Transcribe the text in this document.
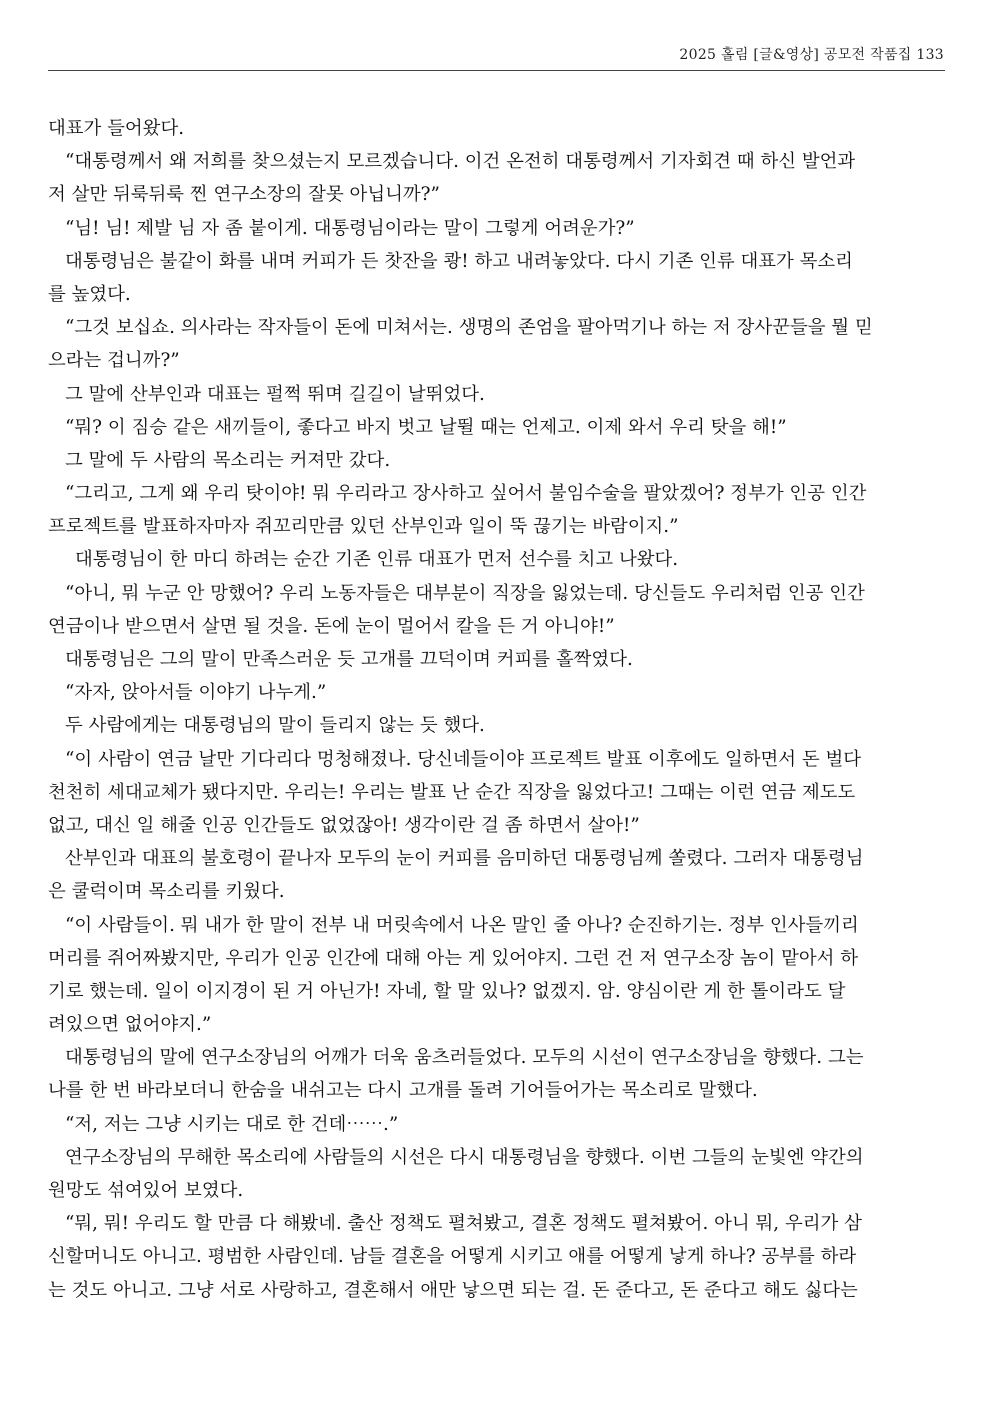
2025 홀림 [글&영상] 공모전 작품집 133
대표가 들어왔다.
“대통령께서 왜 저희를 찾으셨는지 모르겠습니다. 이건 온전히 대통령께서 기자회견 때 하신 발언과
저 살만 뒤룩뒤룩 찐 연구소장의 잘못 아닙니까?”
“님! 님! 제발 님 자 좀 붙이게. 대통령님이라는 말이 그렇게 어려운가?”
대통령님은 불같이 화를 내며 커피가 든 찻잔을 쾅! 하고 내려놓았다. 다시 기존 인류 대표가 목소리
를 높였다.
“그것 보십쇼. 의사라는 작자들이 돈에 미쳐서는. 생명의 존엄을 팔아먹기나 하는 저 장사꾼들을 뭘 믿
으라는 겁니까?”
그 말에 산부인과 대표는 펄쩍 뛰며 길길이 날뛰었다.
“뭐? 이 짐승 같은 새끼들이, 좋다고 바지 벗고 날뛸 때는 언제고. 이제 와서 우리 탓을 해!”
그 말에 두 사람의 목소리는 커져만 갔다.
“그리고, 그게 왜 우리 탓이야! 뭐 우리라고 장사하고 싶어서 불임수술을 팔았겠어? 정부가 인공 인간
프로젝트를 발표하자마자 쥐꼬리만큼 있던 산부인과 일이 뚝 끊기는 바람이지.”
대통령님이 한 마디 하려는 순간 기존 인류 대표가 먼저 선수를 치고 나왔다.
“아니, 뭐 누군 안 망했어? 우리 노동자들은 대부분이 직장을 잃었는데. 당신들도 우리처럼 인공 인간
연금이나 받으면서 살면 될 것을. 돈에 눈이 멀어서 칼을 든 거 아니야!”
대통령님은 그의 말이 만족스러운 듯 고개를 끄덕이며 커피를 홀짝였다.
“자자, 앉아서들 이야기 나누게.”
두 사람에게는 대통령님의 말이 들리지 않는 듯 했다.
“이 사람이 연금 날만 기다리다 멍청해졌나. 당신네들이야 프로젝트 발표 이후에도 일하면서 돈 벌다
천천히 세대교체가 됐다지만. 우리는! 우리는 발표 난 순간 직장을 잃었다고! 그때는 이런 연금 제도도
없고, 대신 일 해줄 인공 인간들도 없었잖아! 생각이란 걸 좀 하면서 살아!”
산부인과 대표의 불호령이 끝나자 모두의 눈이 커피를 음미하던 대통령님께 쏠렸다. 그러자 대통령님
은 쿨럭이며 목소리를 키웠다.
“이 사람들이. 뭐 내가 한 말이 전부 내 머릿속에서 나온 말인 줄 아나? 순진하기는. 정부 인사들끼리
머리를 쥐어짜봤지만, 우리가 인공 인간에 대해 아는 게 있어야지. 그런 건 저 연구소장 놈이 맡아서 하
기로 했는데. 일이 이지경이 된 거 아닌가! 자네, 할 말 있나? 없겠지. 암. 양심이란 게 한 톨이라도 달
려있으면 없어야지.”
대통령님의 말에 연구소장님의 어깨가 더욱 움츠러들었다. 모두의 시선이 연구소장님을 향했다. 그는
나를 한 번 바라보더니 한숨을 내쉬고는 다시 고개를 돌려 기어들어가는 목소리로 말했다.
“저, 저는 그냥 시키는 대로 한 건데⋯⋯.”
연구소장님의 무해한 목소리에 사람들의 시선은 다시 대통령님을 향했다. 이번 그들의 눈빛엔 약간의
원망도 섞여있어 보였다.
“뭐, 뭐! 우리도 할 만큼 다 해봤네. 출산 정책도 펼쳐봤고, 결혼 정책도 펼쳐봤어. 아니 뭐, 우리가 삼
신할머니도 아니고. 평범한 사람인데. 남들 결혼을 어떻게 시키고 애를 어떻게 낳게 하나? 공부를 하라
는 것도 아니고. 그냥 서로 사랑하고, 결혼해서 애만 낳으면 되는 걸. 돈 준다고, 돈 준다고 해도 싫다는
